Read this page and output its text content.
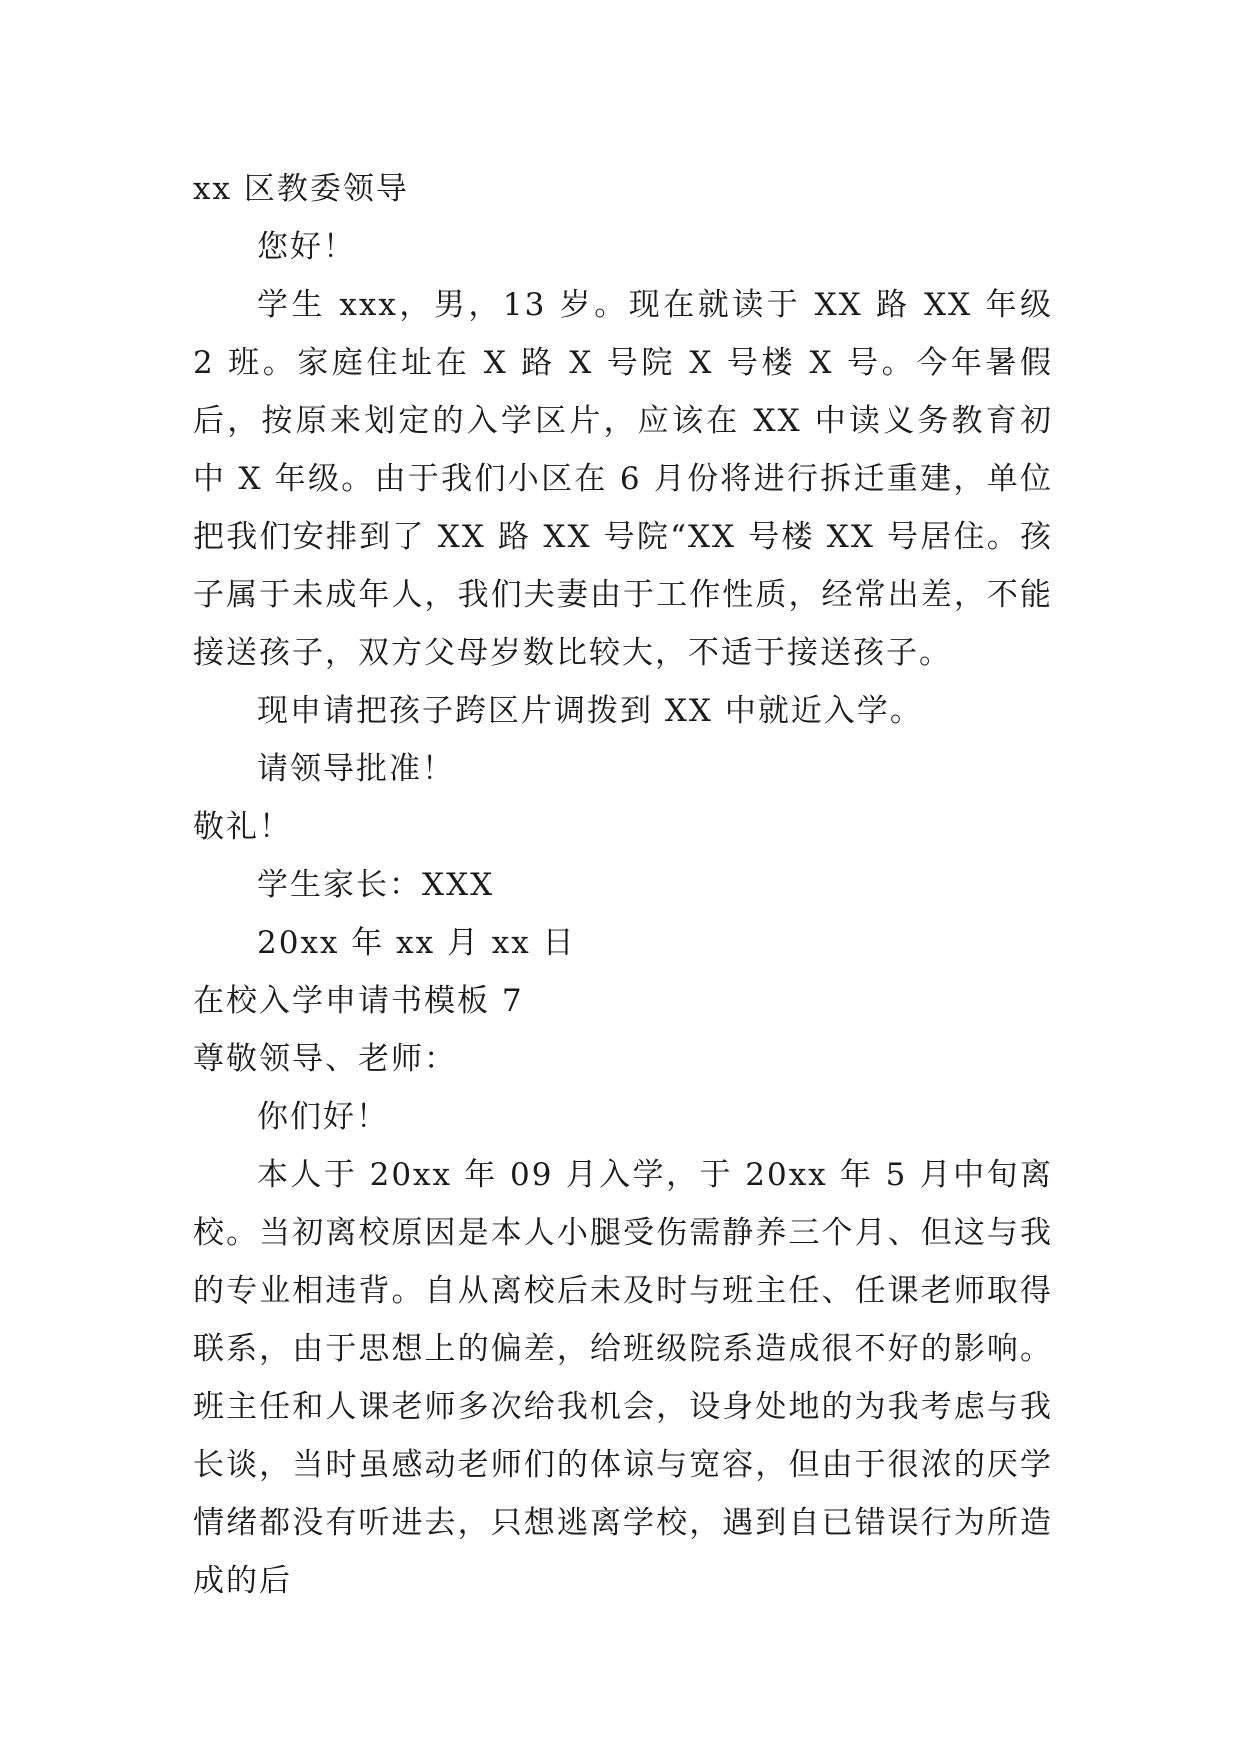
xx 区教委领导

您好！

学生 xxx，男，13 岁。现在就读于 XX 路 XX 年级 2 班。家庭住址在 X 路 X 号院 X 号楼 X 号。今年暑假后，按原来划定的入学区片，应该在 XX 中读义务教育初中 X 年级。由于我们小区在 6 月份将进行拆迁重建，单位把我们安排到了 XX 路 XX 号院“XX 号楼 XX 号居住。孩子属于未成年人，我们夫妻由于工作性质，经常出差，不能接送孩子，双方父母岁数比较大，不适于接送孩子。

现申请把孩子跨区片调拨到 XX 中就近入学。

请领导批准！

敬礼！

学生家长：XXX

20xx 年 xx 月 xx 日

在校入学申请书模板 7

尊敬领导、老师：

你们好！

本人于 20xx 年 09 月入学，于 20xx 年 5 月中旬离校。当初离校原因是本人小腿受伤需静养三个月、但这与我的专业相违背。自从离校后未及时与班主任、任课老师取得联系，由于思想上的偏差，给班级院系造成很不好的影响。班主任和人课老师多次给我机会，设身处地的为我考虑与我长谈，当时虽感动老师们的体谅与宽容，但由于很浓的厌学情绪都没有听进去，只想逃离学校，遇到自已错误行为所造成的后
